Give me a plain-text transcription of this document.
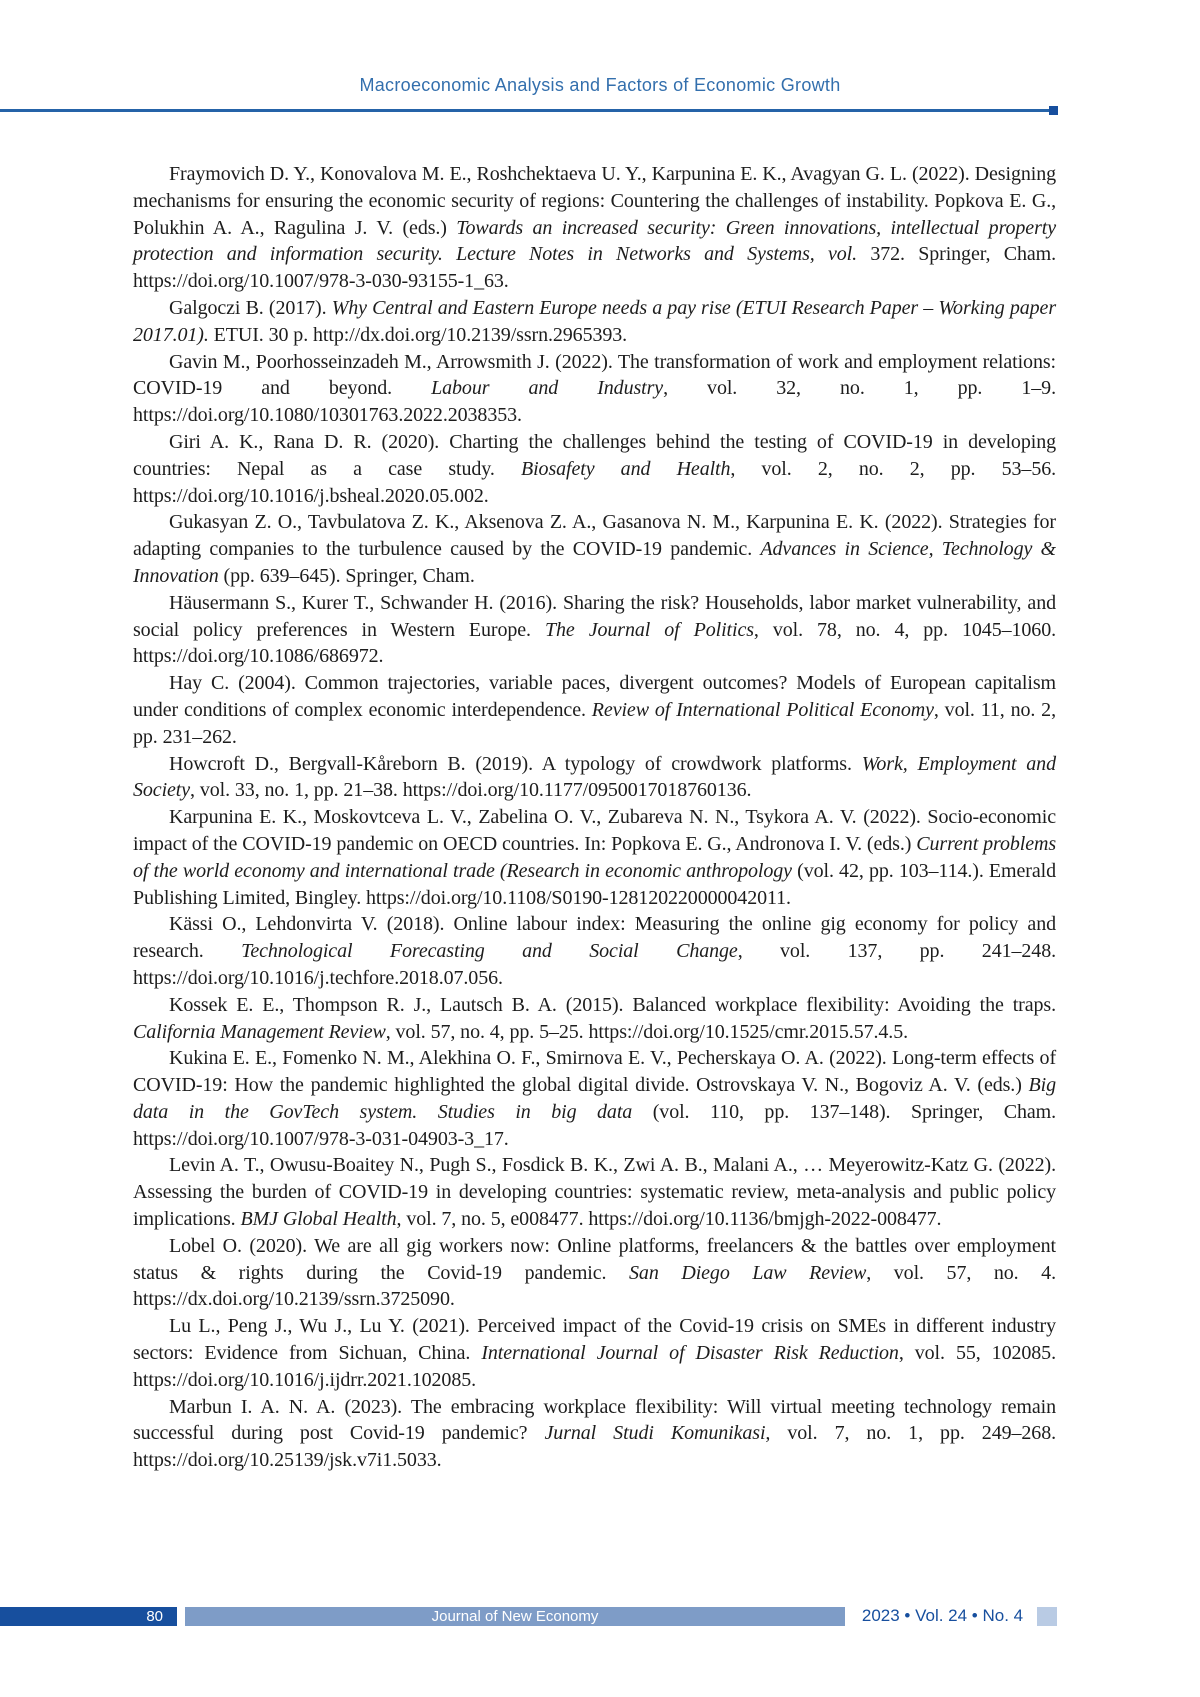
Macroeconomic Analysis and Factors of Economic Growth

Fraymovich D. Y., Konovalova M. E., Roshchektaeva U. Y., Karpunina E. K., Avagyan G. L. (2022). Designing mechanisms for ensuring the economic security of regions: Countering the challenges of instability. Popkova E. G., Polukhin A. A., Ragulina J. V. (eds.) Towards an increased security: Green innovations, intellectual property protection and information security. Lecture Notes in Networks and Systems, vol. 372. Springer, Cham. https://doi.org/10.1007/978-3-030-93155-1_63.

Galgoczi B. (2017). Why Central and Eastern Europe needs a pay rise (ETUI Research Paper – Working paper 2017.01). ETUI. 30 p. http://dx.doi.org/10.2139/ssrn.2965393.

Gavin M., Poorhosseinzadeh M., Arrowsmith J. (2022). The transformation of work and employment relations: COVID-19 and beyond. Labour and Industry, vol. 32, no. 1, pp. 1–9. https://doi.org/10.1080/10301763.2022.2038353.

Giri A. K., Rana D. R. (2020). Charting the challenges behind the testing of COVID-19 in developing countries: Nepal as a case study. Biosafety and Health, vol. 2, no. 2, pp. 53–56. https://doi.org/10.1016/j.bsheal.2020.05.002.

Gukasyan Z. O., Tavbulatova Z. K., Aksenova Z. A., Gasanova N. M., Karpunina E. K. (2022). Strategies for adapting companies to the turbulence caused by the COVID-19 pandemic. Advances in Science, Technology & Innovation (pp. 639–645). Springer, Cham.

Häusermann S., Kurer T., Schwander H. (2016). Sharing the risk? Households, labor market vulnerability, and social policy preferences in Western Europe. The Journal of Politics, vol. 78, no. 4, pp. 1045–1060. https://doi.org/10.1086/686972.

Hay C. (2004). Common trajectories, variable paces, divergent outcomes? Models of European capitalism under conditions of complex economic interdependence. Review of International Political Economy, vol. 11, no. 2, pp. 231–262.

Howcroft D., Bergvall-Kåreborn B. (2019). A typology of crowdwork platforms. Work, Employment and Society, vol. 33, no. 1, pp. 21–38. https://doi.org/10.1177/0950017018760136.

Karpunina E. K., Moskovtceva L. V., Zabelina O. V., Zubareva N. N., Tsykora A. V. (2022). Socio-economic impact of the COVID-19 pandemic on OECD countries. In: Popkova E. G., Andronova I. V. (eds.) Current problems of the world economy and international trade (Research in economic anthropology (vol. 42, pp. 103–114.). Emerald Publishing Limited, Bingley. https://doi.org/10.1108/S0190-128120220000042011.

Kässi O., Lehdonvirta V. (2018). Online labour index: Measuring the online gig economy for policy and research. Technological Forecasting and Social Change, vol. 137, pp. 241–248. https://doi.org/10.1016/j.techfore.2018.07.056.

Kossek E. E., Thompson R. J., Lautsch B. A. (2015). Balanced workplace flexibility: Avoiding the traps. California Management Review, vol. 57, no. 4, pp. 5–25. https://doi.org/10.1525/cmr.2015.57.4.5.

Kukina E. E., Fomenko N. M., Alekhina O. F., Smirnova E. V., Pecherskaya O. A. (2022). Long-term effects of COVID-19: How the pandemic highlighted the global digital divide. Ostrovskaya V. N., Bogoviz A. V. (eds.) Big data in the GovTech system. Studies in big data (vol. 110, pp. 137–148). Springer, Cham. https://doi.org/10.1007/978-3-031-04903-3_17.

Levin A. T., Owusu-Boaitey N., Pugh S., Fosdick B. K., Zwi A. B., Malani A., … Meyerowitz-Katz G. (2022). Assessing the burden of COVID-19 in developing countries: systematic review, meta-analysis and public policy implications. BMJ Global Health, vol. 7, no. 5, e008477. https://doi.org/10.1136/bmjgh-2022-008477.

Lobel O. (2020). We are all gig workers now: Online platforms, freelancers & the battles over employment status & rights during the Covid-19 pandemic. San Diego Law Review, vol. 57, no. 4. https://dx.doi.org/10.2139/ssrn.3725090.

Lu L., Peng J., Wu J., Lu Y. (2021). Perceived impact of the Covid-19 crisis on SMEs in different industry sectors: Evidence from Sichuan, China. International Journal of Disaster Risk Reduction, vol. 55, 102085. https://doi.org/10.1016/j.ijdrr.2021.102085.

Marbun I. A. N. A. (2023). The embracing workplace flexibility: Will virtual meeting technology remain successful during post Covid-19 pandemic? Jurnal Studi Komunikasi, vol. 7, no. 1, pp. 249–268. https://doi.org/10.25139/jsk.v7i1.5033.

80	Journal of New Economy	2023 • Vol. 24 • No. 4
